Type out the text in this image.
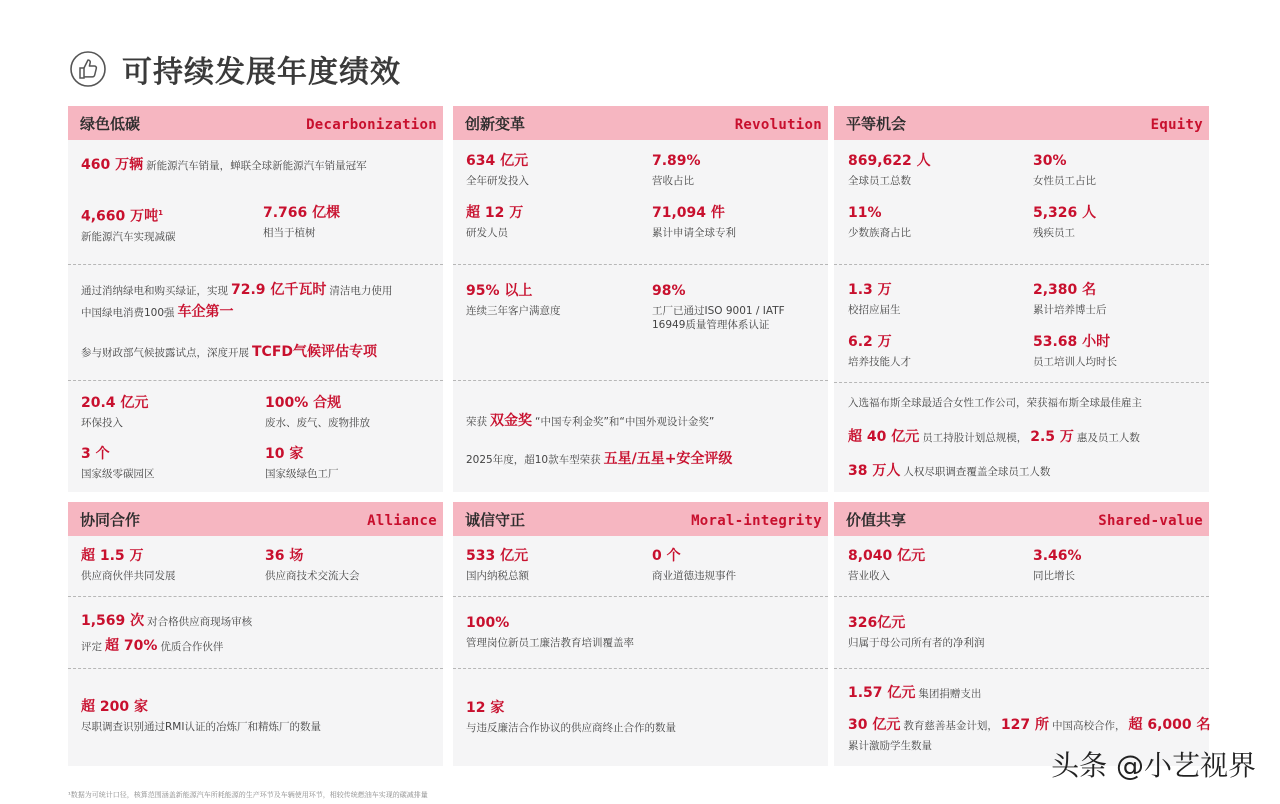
可持续发展年度绩效
绿色低碳	Decarbonization
460 万辆 新能源汽车销量，蝉联全球新能源汽车销量冠军
4,660 万吨$^1$
新能源汽车实现减碳
7.766 亿棵
相当于植树
通过消纳绿电和购买绿证，实现 72.9 亿千瓦时 清洁电力使用
中国绿电消费100强 车企第一
参与财政部气候披露试点，深度开展 TCFD气候评估专项
20.4 亿元
环保投入
100% 合规
废水、废气、废物排放
3 个
国家级零碳园区
10 家
国家级绿色工厂
创新变革	Revolution
634 亿元
全年研发投入
7.89%
营收占比
超 12 万
研发人员
71,094 件
累计申请全球专利
95% 以上
连续三年客户满意度
98%
工厂已通过ISO 9001 / IATF
16949质量管理体系认证
荣获 双金奖 “中国专利金奖”和“中国外观设计金奖”
2025年度，超10款车型荣获 五星/五星+安全评级
平等机会	Equity
869,622 人
全球员工总数
30%
女性员工占比
11%
少数族裔占比
5,326 人
残疾员工
1.3 万
校招应届生
2,380 名
累计培养博士后
6.2 万
培养技能人才
53.68 小时
员工培训人均时长
入选福布斯全球最适合女性工作公司，荣获福布斯全球最佳雇主
超 40 亿元 员工持股计划总规模， 2.5 万 惠及员工人数
38 万人 人权尽职调查覆盖全球员工人数
协同合作	Alliance
超 1.5 万
供应商伙伴共同发展
36 场
供应商技术交流大会
1,569 次 对合格供应商现场审核
评定 超 70% 优质合作伙伴
超 200 家
尽职调查识别通过RMI认证的冶炼厂和精炼厂的数量
诚信守正	Moral-integrity
533 亿元
国内纳税总额
0 个
商业道德违规事件
100%
管理岗位新员工廉洁教育培训覆盖率
12 家
与违反廉洁合作协议的供应商终止合作的数量
价值共享	Shared-value
8,040 亿元
营业收入
3.46%
同比增长
326亿元
归属于母公司所有者的净利润
1.57 亿元 集团捐赠支出
30 亿元 教育慈善基金计划， 127 所 中国高校合作， 超 6,000 名
累计激励学生数量
¹数据为可统计口径，核算范围涵盖新能源汽车所耗能源的生产环节及车辆使用环节，相较传统燃油车实现的碳减排量
头条 @小艺视界
